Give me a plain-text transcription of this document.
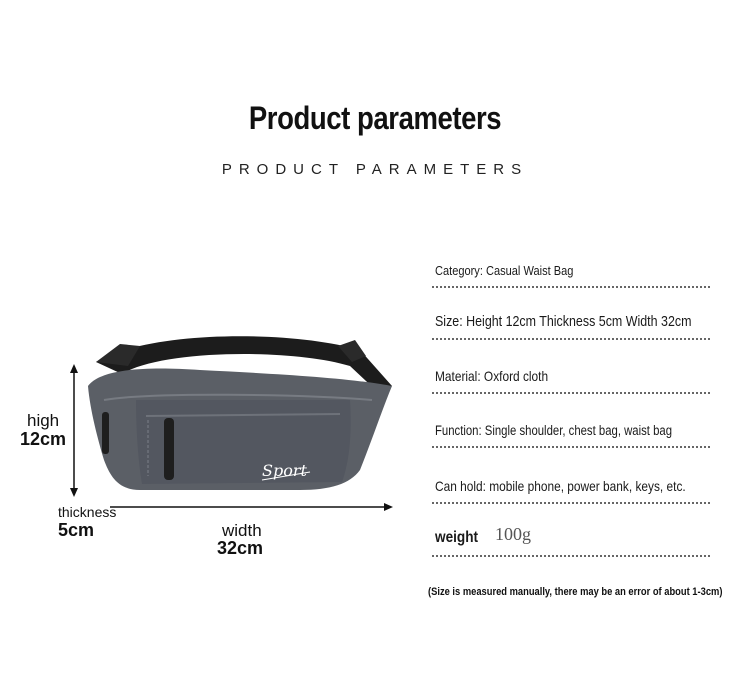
Product parameters
PRODUCT PARAMETERS
Sport
high
12cm
thickness
5cm	width
32cm
Category: Casual Waist Bag
Size: Height 12cm Thickness 5cm Width 32cm
Material: Oxford cloth
Function: Single shoulder, chest bag, waist bag
Can hold: mobile phone, power bank, keys, etc.
weight 100g
(Size is measured manually, there may be an error of about 1-3cm)
